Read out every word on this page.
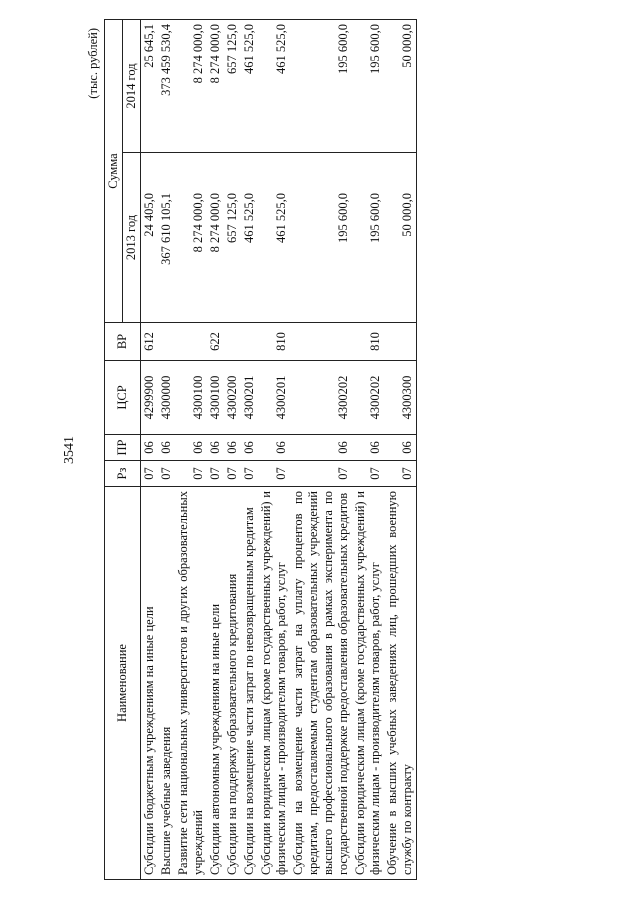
3541
(тыс. рублей)
Наименование	Рз	ПР	ЦСР	ВР	Сумма	
					2013 год	2014 год
Субсидии бюджетным учреждениям на иные цели	07	06	4299900	612	24 405,0	25 645,1
Высшие учебные заведения	07	06	4300000		367 610 105,1	373 459 530,4
Развитие сети национальных университетов и других образовательных учреждений	07	06	4300100		8 274 000,0	8 274 000,0
Субсидии автономным учреждениям на иные цели	07	06	4300100	622	8 274 000,0	8 274 000,0
Субсидии на поддержку образовательного кредитования	07	06	4300200		657 125,0	657 125,0
Субсидии на возмещение части затрат по невозвращенным кредитам	07	06	4300201		461 525,0	461 525,0
Субсидии юридическим лицам (кроме государственных учреждений) и физическим лицам - производителям товаров, работ, услуг	07	06	4300201	810	461 525,0	461 525,0
Субсидии на возмещение части затрат на уплату процентов по кредитам, предоставляемым студентам образовательных учреждений высшего профессионального образования в рамках эксперимента по государственной поддержке предоставления образовательных кредитов	07	06	4300202		195 600,0	195 600,0
Субсидии юридическим лицам (кроме государственных учреждений) и физическим лицам - производителям товаров, работ, услуг	07	06	4300202	810	195 600,0	195 600,0
Обучение в высших учебных заведениях лиц, прошедших военную службу по контракту	07	06	4300300		50 000,0	50 000,0
